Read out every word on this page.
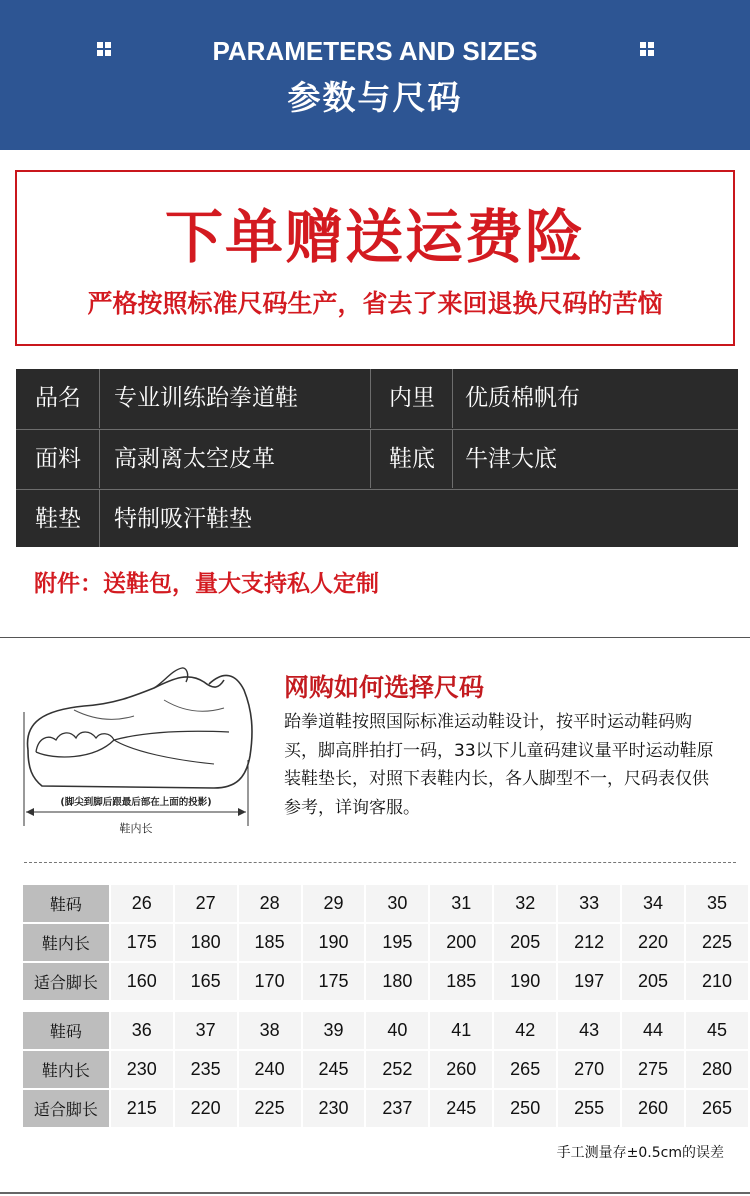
PARAMETERS AND SIZES
参数与尺码
下单赠送运费险
严格按照标准尺码生产，省去了来回退换尺码的苦恼
品名	专业训练跆拳道鞋	内里	优质棉帆布
面料	高剥离太空皮革	鞋底	牛津大底
鞋垫	特制吸汗鞋垫
附件：送鞋包，量大支持私人定制
(脚尖到脚后跟最后部在上面的投影)
鞋内长
网购如何选择尺码
跆拳道鞋按照国际标准运动鞋设计，按平时运动鞋码购买，脚高胖拍打一码，33以下儿童码建议量平时运动鞋原装鞋垫长，对照下表鞋内长，各人脚型不一，尺码表仅供参考，详询客服。
鞋码	26	27	28	29	30	31	32	33	34	35
鞋内长	175	180	185	190	195	200	205	212	220	225
适合脚长	160	165	170	175	180	185	190	197	205	210
鞋码	36	37	38	39	40	41	42	43	44	45
鞋内长	230	235	240	245	252	260	265	270	275	280
适合脚长	215	220	225	230	237	245	250	255	260	265
手工测量存±0.5cm的误差
